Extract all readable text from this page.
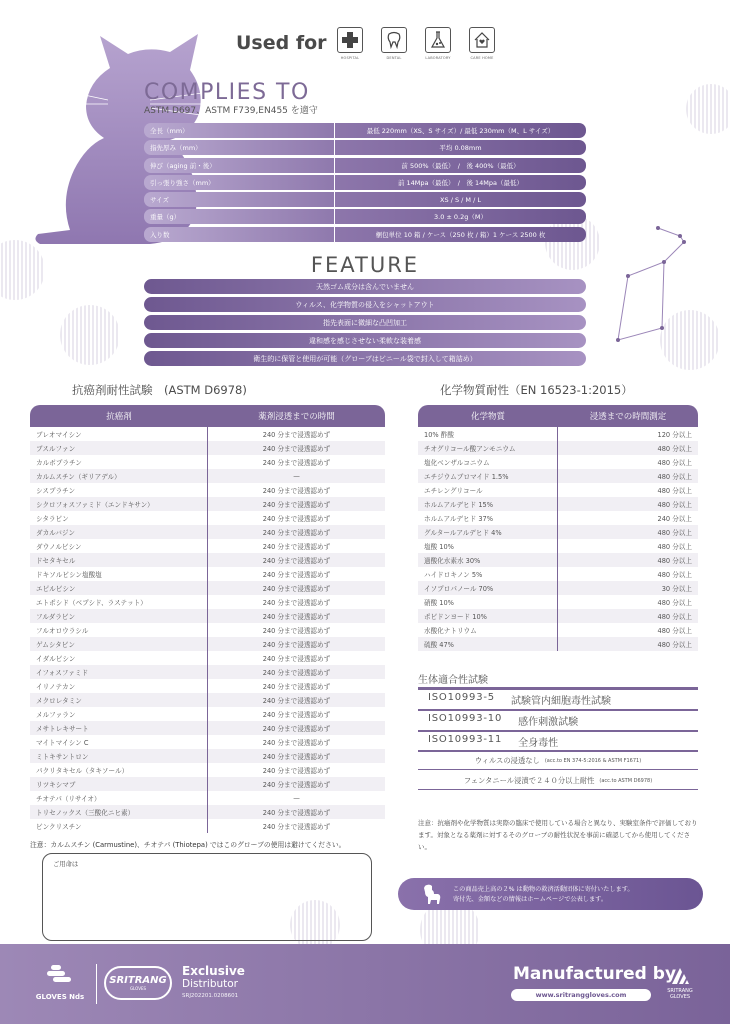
Used for
HOSPITAL	DENTAL	LABORATORY	CARE HOME
COMPLIES TO
ASTM D697、ASTM F739,EN455 を適守
全長（mm）	最低 220mm（XS、S サイズ）/ 最低 230mm（M、L サイズ）
指先厚み（mm）	平均 0.08mm
伸び（aging 前・後）	前 500%（最低）　/　後 400%（最低）
引っ張り強さ（mm）	前 14Mpa（最低）　/　後 14Mpa（最低）
サイズ	XS / S / M / L
重量（g）	3.0 ± 0.2g（M）
入り数	梱包単位 10 箱 / ケース（250 枚 / 箱）1 ケース 2500 枚
FEATURE
天然ゴム成分は含んでいません
ウィルス、化学物質の侵入をシャットアウト
指先表面に微細な凸凹加工
違和感を感じさせない柔軟な装着感
衛生的に保管と使用が可能（グローブはビニール袋で封入して箱詰め）
抗癌剤耐性試験　(ASTM D6978)	化学物質耐性（EN 16523-1:2015）
抗癌剤	薬剤浸透までの時間
ブレオマイシン	240 分まで浸透認めず
ブスルファン	240 分まで浸透認めず
カルボプラチン	240 分まで浸透認めず
カルムスチン（ギリアデル）	—
シスプラチン	240 分まで浸透認めず
シクロフォスファミド（エンドキサン）	240 分まで浸透認めず
シタラビン	240 分まで浸透認めず
ダカルバジン	240 分まで浸透認めず
ダウノルビシン	240 分まで浸透認めず
ドセタキセル	240 分まで浸透認めず
ドキソルビシン塩酸塩	240 分まで浸透認めず
エピルビシン	240 分まで浸透認めず
エトポシド（ベプシド、ラステット）	240 分まで浸透認めず
フルダラビン	240 分まで浸透認めず
フルオロウラシル	240 分まで浸透認めず
ゲムシタビン	240 分まで浸透認めず
イダルビシン	240 分まで浸透認めず
イフォスファミド	240 分まで浸透認めず
イリノテカン	240 分まで浸透認めず
メクロレタミン	240 分まで浸透認めず
メルファラン	240 分まで浸透認めず
メサトレキサート	240 分まで浸透認めず
マイトマイシン C	240 分まで浸透認めず
ミトキサントロン	240 分まで浸透認めず
パクリタキセル（タキソール）	240 分まで浸透認めず
リツキシマブ	240 分まで浸透認めず
チオテパ（リサイオ）	—
トリセノックス（三酸化ニヒ素）	240 分まで浸透認めず
ビンクリスチン	240 分まで浸透認めず
注意：カルムスチン (Carmustine)、チオテパ (Thiotepa) ではこのグローブの使用は避けてください。
ご用命は
化学物質	浸透までの時間測定
10% 酢酸	120 分以上
チオグリコール酸アンモニウム	480 分以上
塩化ベンザルコニウム	480 分以上
エチジウムブロマイド 1.5%	480 分以上
エチレングリコール	480 分以上
ホルムアルデヒド 15%	480 分以上
ホルムアルデヒド 37%	240 分以上
グルタールアルデヒド 4%	480 分以上
塩酸 10%	480 分以上
過酸化水素水 30%	480 分以上
ハイドロキノン 5%	480 分以上
イソプロパノール 70%	30 分以上
硝酸 10%	480 分以上
ポビドンヨード 10%	480 分以上
水酸化ナトリウム	480 分以上
硫酸 47%	480 分以上
生体適合性試験
ISO10993-5 試験管内細胞毒性試験
ISO10993-10 感作刺激試験
ISO10993-11 全身毒性
ウィルスの浸透なし (acc.to EN 374-5:2016 & ASTM F1671)
フェンタニール浸漬で２４０分以上耐性 (acc.to ASTM D6978)
注意：抗癌剤や化学物質は実際の臨床で使用している場合と異なり、実験室条件で評価しております。対象となる薬剤に対するそのグローブの耐性状況を事前に確認してから使用してください。
この商品売上高の２% は動物の救済活動団体に寄付いたします。
寄付先、金額などの情報はホームページで公表します。
GLOVES Nds
SRITRANG
GLOVES
Exclusive
Distributor
SRJ202201.0208601
Manufactured by
www.sritranggloves.com	SRITRANG GLOVES
